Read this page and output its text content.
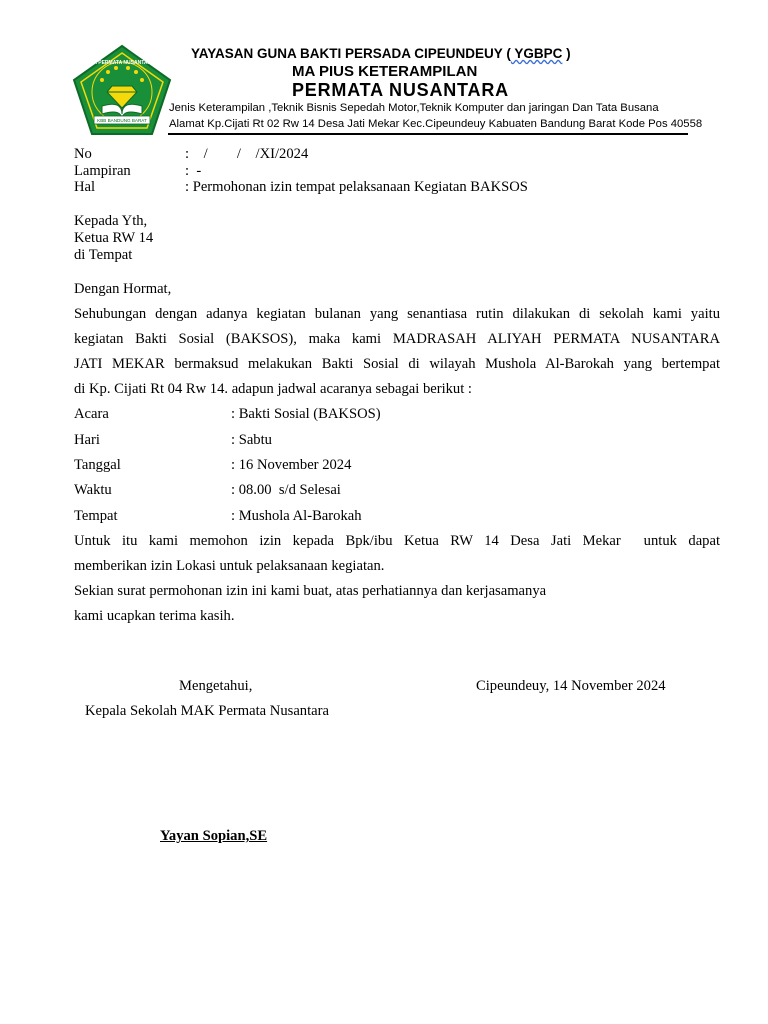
KBB BANDUNG BARAT
MA PERMATA NUSANTARA
YAYASAN GUNA BAKTI PERSADA CIPEUNDEUY ( YGBPC )
MA PIUS KETERAMPILAN
PERMATA NUSANTARA
Jenis Keterampilan ,Teknik Bisnis Sepedah Motor,Teknik Komputer dan jaringan Dan Tata Busana
Alamat Kp.Cijati Rt 02 Rw 14 Desa Jati Mekar Kec.Cipeundeuy Kabuaten Bandung Barat Kode Pos 40558
No	:    /        /    /XI/2024
Lampiran	:  -
Hal	: Permohonan izin tempat pelaksanaan Kegiatan BAKSOS
Kepada Yth,
Ketua RW 14
di Tempat
Dengan Hormat,
Sehubungan dengan adanya kegiatan bulanan yang senantiasa rutin dilakukan di sekolah kami yaitu
kegiatan Bakti Sosial (BAKSOS), maka kami MADRASAH ALIYAH PERMATA NUSANTARA
JATI MEKAR bermaksud melakukan Bakti Sosial di wilayah Mushola Al-Barokah yang bertempat
di Kp. Cijati Rt 04 Rw 14. adapun jadwal acaranya sebagai berikut :
Acara	: Bakti Sosial (BAKSOS)
Hari	: Sabtu
Tanggal	: 16 November 2024
Waktu	: 08.00  s/d Selesai
Tempat	: Mushola Al-Barokah
Untuk itu kami memohon izin kepada Bpk/ibu Ketua RW 14 Desa Jati Mekar  untuk dapat
memberikan izin Lokasi untuk pelaksanaan kegiatan.
Sekian surat permohonan izin ini kami buat, atas perhatiannya dan kerjasamanya
kami ucapkan terima kasih.
Mengetahui,	Cipeundeuy, 14 November 2024
Kepala Sekolah MAK Permata Nusantara
Yayan Sopian,SE
